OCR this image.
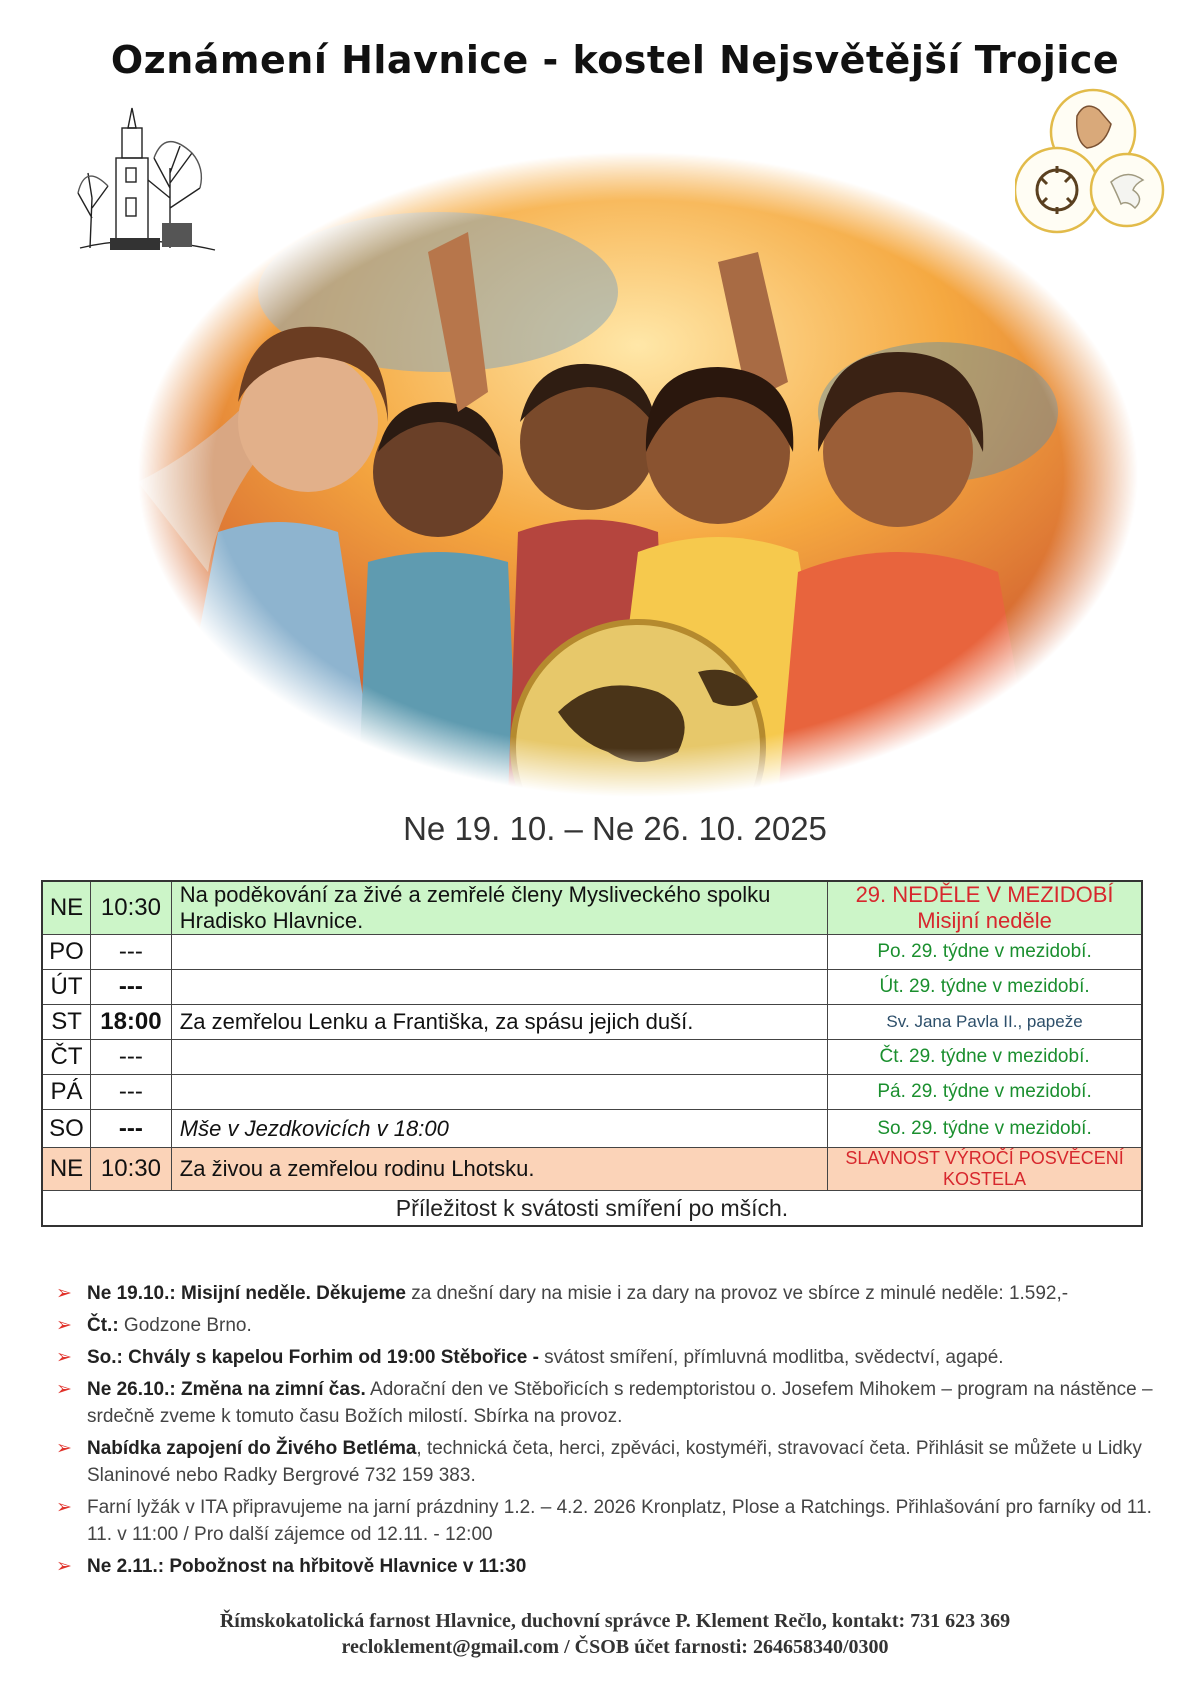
Oznámení Hlavnice - kostel Nejsvětější Trojice
Ne 19. 10. – Ne 26. 10. 2025
NE	10:30	Na poděkování za živé a zemřelé členy Mysliveckého spolku Hradisko Hlavnice.	29. NEDĚLE V MEZIDOBÍ
Misijní neděle

PO	---		Po. 29. týdne v mezidobí.
ÚT	---		Út. 29. týdne v mezidobí.
ST	18:00	Za zemřelou Lenku a Františka, za spásu jejich duší.	Sv. Jana Pavla II., papeže
ČT	---		Čt. 29. týdne v mezidobí.
PÁ	---		Pá. 29. týdne v mezidobí.
SO	---	Mše v Jezdkovicích v 18:00	So. 29. týdne v mezidobí.
NE	10:30	Za živou a zemřelou rodinu Lhotsku.	SLAVNOST VÝROČÍ POSVĚCENÍ
KOSTELA

Příležitost k svátosti smíření po mších.			
➢ Ne 19.10.: Misijní neděle. Děkujeme za dnešní dary na misie i za dary na provoz ve sbírce z minulé neděle: 1.592,-
➢ Čt.: Godzone Brno.
➢ So.: Chvály s kapelou Forhim od 19:00 Stěbořice - svátost smíření, přímluvná modlitba, svědectví, agapé.
➢ Ne 26.10.: Změna na zimní čas. Adorační den ve Stěbořicích s redemptoristou o. Josefem Mihokem – program na nástěnce – srdečně zveme k tomuto času Božích milostí. Sbírka na provoz.
➢ Nabídka zapojení do Živého Betléma, technická četa, herci, zpěváci, kostyméři, stravovací četa. Přihlásit se můžete u Lidky Slaninové nebo Radky Bergrové 732 159 383.
➢ Farní lyžák v ITA připravujeme na jarní prázdniny 1.2. – 4.2. 2026 Kronplatz, Plose a Ratchings. Přihlašování pro farníky od 11. 11. v 11:00 / Pro další zájemce od 12.11. - 12:00
➢ Ne 2.11.: Pobožnost na hřbitově Hlavnice v 11:30
Římskokatolická farnost Hlavnice, duchovní správce P. Klement Rečlo, kontakt: 731 623 369
recloklement@gmail.com / ČSOB účet farnosti: 264658340/0300
